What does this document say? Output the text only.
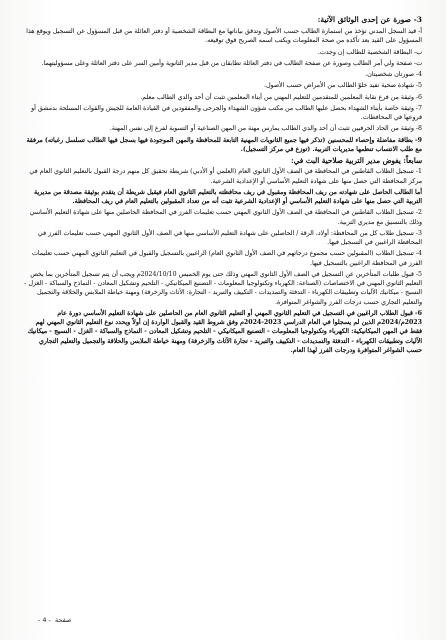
3- صورة عن إحدى الوثائق الآتية:
أ- قيد السجل المدني تؤخذ من استمارة الطالب حسب الأصول وتدقق بياناتها مع البطاقة الشخصية أو دفتر العائلة من قبل المسؤول عن التسجيل ويوقع هذا المسؤول على القيد بعد تأكده من صحة المعلومات ويكتب اسمه الصريح فوق توقيعه.
ب- البطاقة الشخصية للطالب إن وجدت.
ت- صفحة ولي أمر الطالب وصورة عن صفحة الطالب في دفتر العائلة تطابقان من قبل مدير الثانوية وأمين السر على دفتر العائلة وعلى مسؤوليتهما.
4- صورتان شخصيتان.
5- شهادة صحية تفيد خلوّ الطالب من الأمراض حسب الأصول.
6- وثيقة من فرع نقابة المعلمين للمتقدمين للتعليم المهني من أبناء المعلمين تثبت أن أحد والدي الطالب معلم.
7- وثيقة خاصة بأبناء الشهداء بحصل عليها الطالب من مكتب شؤون الشهداء والجرحى والمفقودين في القيادة العامة للجيش والقوات المسلحة بدمشق أو فروعها في المحافظات.
8- وثيقة من الحاد الحرفيين تثبت أن أحد والدي الطالب يمارس مهنة من المهن الصناعية أو التسوية لفرع إلى نفس المهنة.
9- بطاقة مفاضلة وإحصاء للمحسنين (تذكر فيها جميع الثانويات المهنية التابعة للمحافظة والمهن الموجودة فيها بسجل فيها الطالب تسلسل رغباته) مرفقة مع طلب الانتساب تنظمها مديريات التربية. (توزع في مركز التسجيل).
سابعاً: يفوض مدير التربية صلاحية البت في:
1- تسجيل الطلاب القاطنين في المحافظة في الصف الأول الثانوي العام (العلمي أو الأدبي) شريطة تحقيق كل منهم درجة القبول بالتعليم الثانوي العام في مركز المحافظة التي حصل منها على شهادة التعليم الأساسي أو الإعدادية الشرعية.
أما الطالب الحاصل على شهادته من ريف المحافظة ومقبول في ريف محافظته بالتعليم الثانوي العام فيقبل شريطة أن يتقدم بوثيقة مصدقة من مديرية التربية التي حصل منها على شهادة التعليم الأساسي أو الإعدادية الشرعية تثبت أنه من تعداد المقبولين بالتعليم العام في ريف المحافظة.
2- تسجيل الطلاب القاطنين في المحافظة في الصف الأول الثانوي المهني حسب تعليمات الفرز في المحافظة الحاصلين منها على شهادة التعليم الأساسي وذلك بالتنسيق مع مديري التربية.
3- تسجيل طلاب كل من المحافظة: أولاد، الرقة / الحاصلين على شهادة التعليم الأساسي منها في الصف الأول الثانوي المهني حسب تعليمات الفرز في المحافظة الراغبين في التسجيل فيها.
4- تسجيل الطلاب (المقبولين حسب مجموع درجاتهم في الصف الأول الثانوي العام) الراغبين بالتسجيل والقبول في التعليم الثانوي المهني حسب تعليمات الفرز في المحافظة الراغبين بالتسجيل فيها.
5- قبول طلبات المتأخرين عن التسجيل في الصف الأول الثانوي المهني وذلك حتى يوم الخميس 2024/10/10م ويجب أن يتم تسجيل المتأخرين بما يخص التعليم الثانوي المهني في الاختصاصات (الصناعة: الكهرباء وتكنولوجيا المعلومات - التصنيع الميكانيكي - التلحيم وتشكيل المعادن - النماذج والسباكة - الغزل - النسيج - ميكانيك الآليات وتطبيقات الكهرباء - التدفئة والتمديدات - التكييف والتبريد - التجارة: الآثاث والزخرفة) ومهنة خياطة الملابس والحلاقة والتجميل والتعليم التجاري حسب درجات الفرز والشواغر المتوافرة.
6- قبول الطلاب الراغبين في التسجيل في التعليم الثانوي المهني أو التعليم الثانوي العام من الحاصلين على شهادة التعليم الأساسي دورة عام 2023م/2024م الذين لم يسجلوا في العام الدراسي 2023-2024م وفق شروط القيد والقبول الواردة إن أولاً ويحدد نوع التعليم الثانوي المهني لهم فقط في المهن الميكانيكية: الكهرباء وتكنولوجيا المعلومات - التصنيع الميكانيكي - التلحيم وتشكيل المعادن - النماذج والسباكة - الغزل - النسيج - ميكانيك الآليات وتطبيقات الكهرباء - التدفئة والتمديدات - التكييف والتبريد - تجارة الآثاث والزخرفة) ومهنة خياطة الملابس والحلاقة والتجميل والتعليم التجاري حسب الشواغر المتوافرة ودرجات الفرز لهذا العام.
صفحة -4-
